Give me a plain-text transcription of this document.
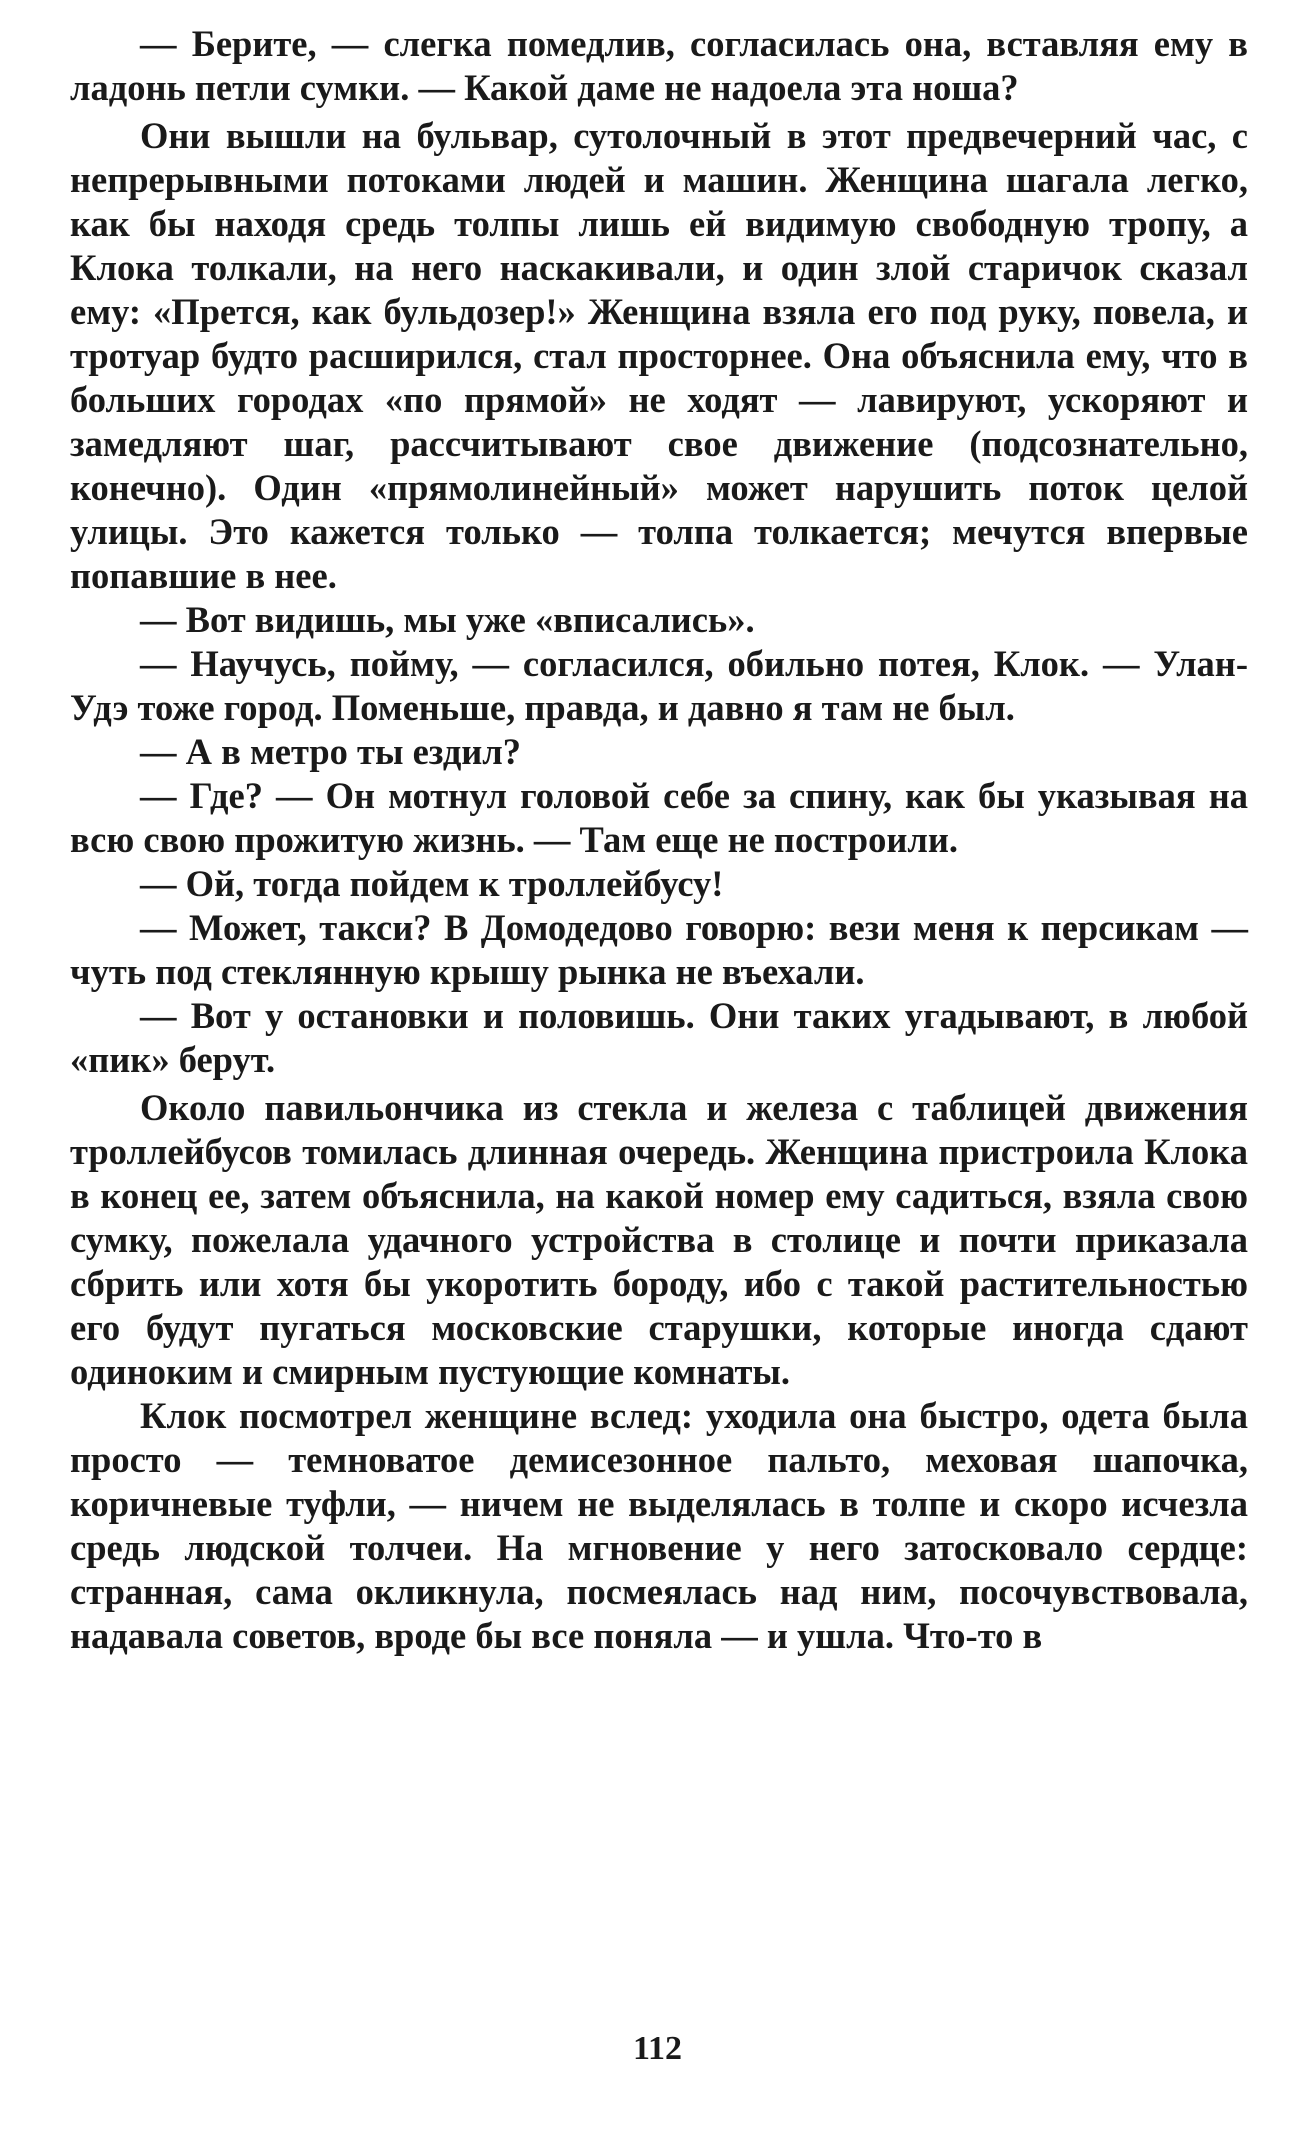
— Берите, — слегка помедлив, согласилась она, вставляя ему в ладонь петли сумки. — Какой даме не надоела эта ноша?

Они вышли на бульвар, сутолочный в этот предвечерний час, с непрерывными потоками людей и машин. Женщина шагала легко, как бы находя средь толпы лишь ей видимую свободную тропу, а Клока толкали, на него наскакивали, и один злой старичок сказал ему: «Прется, как бульдозер!» Женщина взяла его под руку, повела, и тротуар будто расширился, стал просторнее. Она объяснила ему, что в больших городах «по прямой» не ходят — лавируют, ускоряют и замедляют шаг, рассчитывают свое движение (подсознательно, конечно). Один «прямолинейный» может нарушить поток целой улицы. Это кажется только — толпа толкается; мечутся впервые попавшие в нее.

— Вот видишь, мы уже «вписались».

— Научусь, пойму, — согласился, обильно потея, Клок. — Улан-Удэ тоже город. Поменьше, правда, и давно я там не был.

— А в метро ты ездил?

— Где? — Он мотнул головой себе за спину, как бы указывая на всю свою прожитую жизнь. — Там еще не построили.

— Ой, тогда пойдем к троллейбусу!

— Может, такси? В Домодедово говорю: вези меня к персикам — чуть под стеклянную крышу рынка не въехали.

— Вот у остановки и половишь. Они таких угадывают, в любой «пик» берут.

Около павильончика из стекла и железа с таблицей движения троллейбусов томилась длинная очередь. Женщина пристроила Клока в конец ее, затем объяснила, на какой номер ему садиться, взяла свою сумку, пожелала удачного устройства в столице и почти приказала сбрить или хотя бы укоротить бороду, ибо с такой растительностью его будут пугаться московские старушки, которые иногда сдают одиноким и смирным пустующие комнаты.

Клок посмотрел женщине вслед: уходила она быстро, одета была просто — темноватое демисезонное пальто, меховая шапочка, коричневые туфли, — ничем не выделялась в толпе и скоро исчезла средь людской толчеи. На мгновение у него затосковало сердце: странная, сама окликнула, посмеялась над ним, посочувствовала, надавала советов, вроде бы все поняла — и ушла. Что-то в

112
